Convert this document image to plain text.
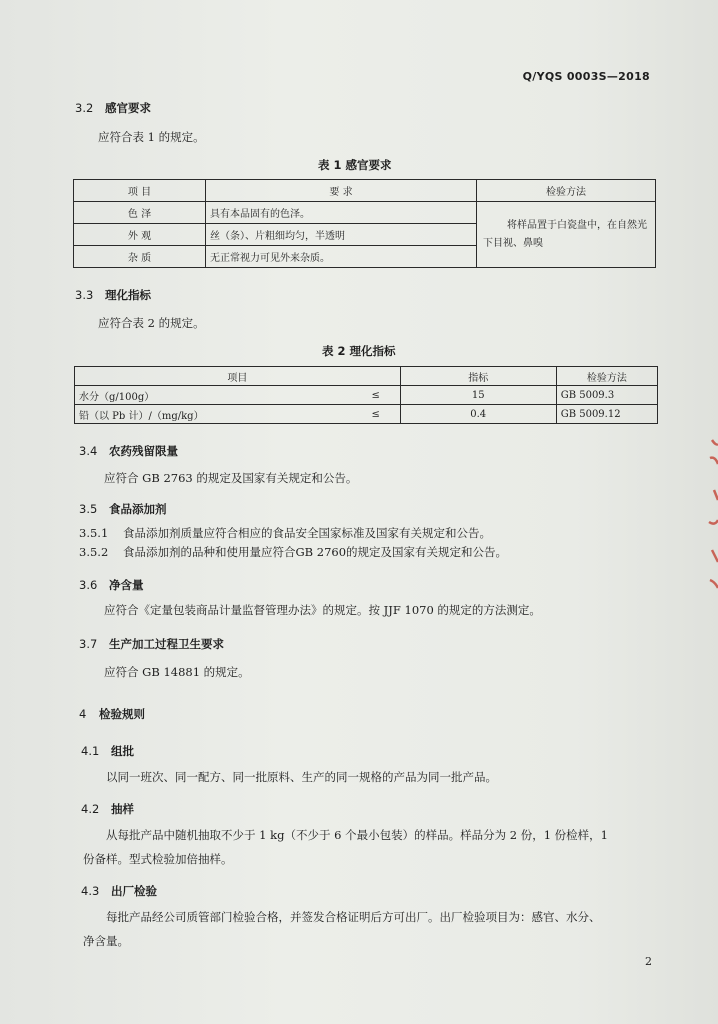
Q/YQS 0003S—2018
3.2 感官要求
应符合表 1 的规定。
表 1 感官要求
项 目	要 求	检验方法
色 泽	具有本品固有的色泽。	将样品置于白瓷盘中，在自然光下目视、鼻嗅
外 观	丝（条）、片粗细均匀，半透明	
杂 质	无正常视力可见外来杂质。	
3.3 理化指标
应符合表 2 的规定。
表 2 理化指标
项目		指标	检验方法
水分（g/100g）	≤	15	GB 5009.3
铅（以 Pb 计）/（mg/kg）	≤	0.4	GB 5009.12
3.4 农药残留限量
应符合 GB 2763 的规定及国家有关规定和公告。
3.5 食品添加剂
3.5.1 食品添加剂质量应符合相应的食品安全国家标准及国家有关规定和公告。
3.5.2 食品添加剂的品种和使用量应符合GB 2760的规定及国家有关规定和公告。
3.6 净含量
应符合《定量包装商品计量监督管理办法》的规定。按 JJF 1070 的规定的方法测定。
3.7 生产加工过程卫生要求
应符合 GB 14881 的规定。
4 检验规则
4.1 组批
以同一班次、同一配方、同一批原料、生产的同一规格的产品为同一批产品。
4.2 抽样
从每批产品中随机抽取不少于 1 kg（不少于 6 个最小包装）的样品。样品分为 2 份，1 份检样，1
份备样。型式检验加倍抽样。
4.3 出厂检验
每批产品经公司质管部门检验合格，并签发合格证明后方可出厂。出厂检验项目为：感官、水分、
净含量。
2
